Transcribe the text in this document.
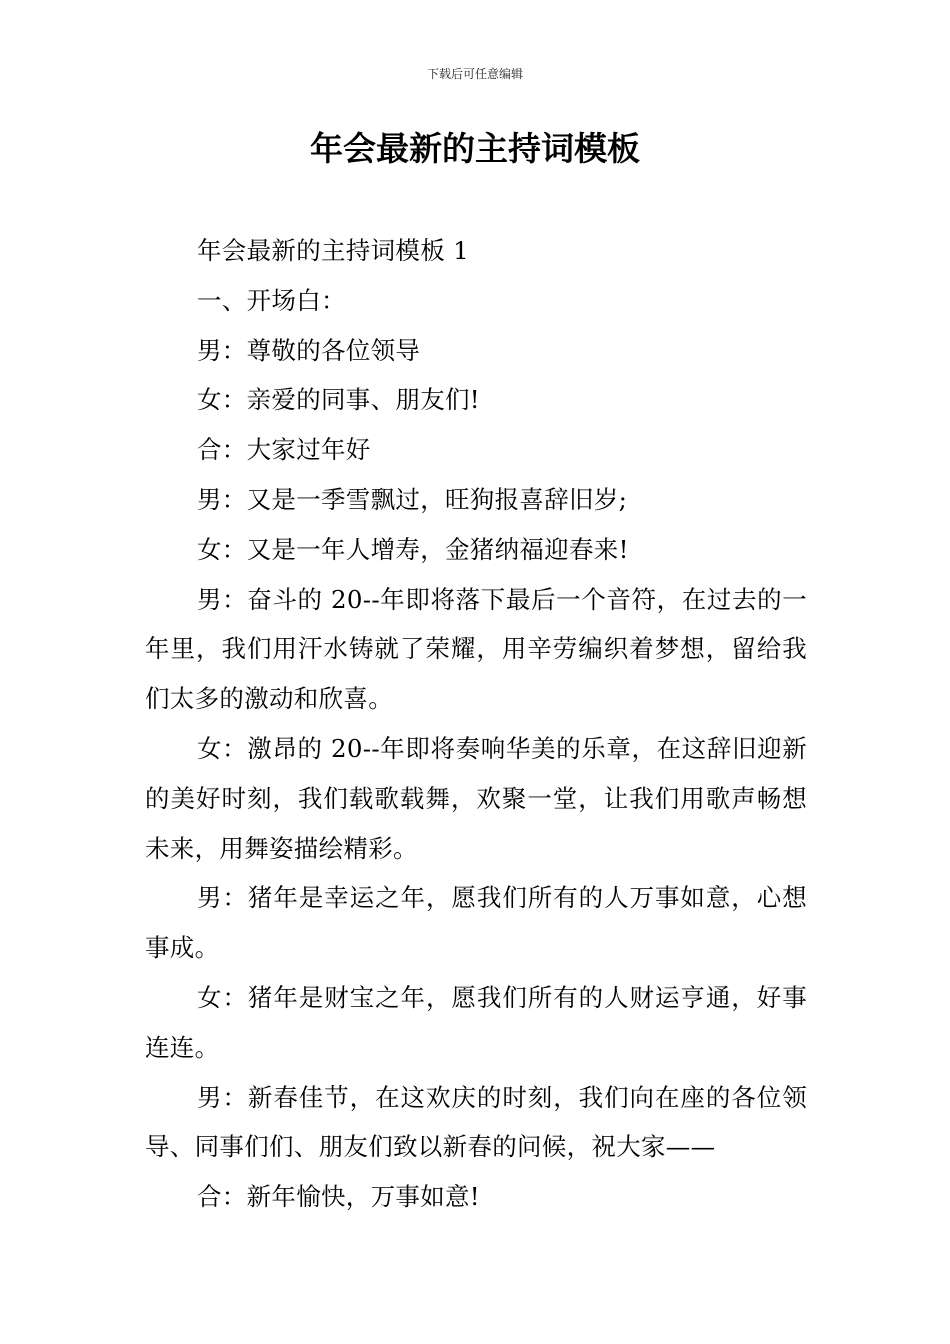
下载后可任意编辑
年会最新的主持词模板

年会最新的主持词模板 1

一、开场白：

男：尊敬的各位领导

女：亲爱的同事、朋友们!

合：大家过年好

男：又是一季雪飘过，旺狗报喜辞旧岁;

女：又是一年人增寿，金猪纳福迎春来!

男：奋斗的 20--年即将落下最后一个音符，在过去的一年里，我们用汗水铸就了荣耀，用辛劳编织着梦想，留给我们太多的激动和欣喜。

女：激昂的 20--年即将奏响华美的乐章，在这辞旧迎新的美好时刻，我们载歌载舞，欢聚一堂，让我们用歌声畅想未来，用舞姿描绘精彩。

男：猪年是幸运之年，愿我们所有的人万事如意，心想事成。

女：猪年是财宝之年，愿我们所有的人财运亨通，好事连连。

男：新春佳节，在这欢庆的时刻，我们向在座的各位领导、同事们们、朋友们致以新春的问候，祝大家——

合：新年愉快，万事如意!
